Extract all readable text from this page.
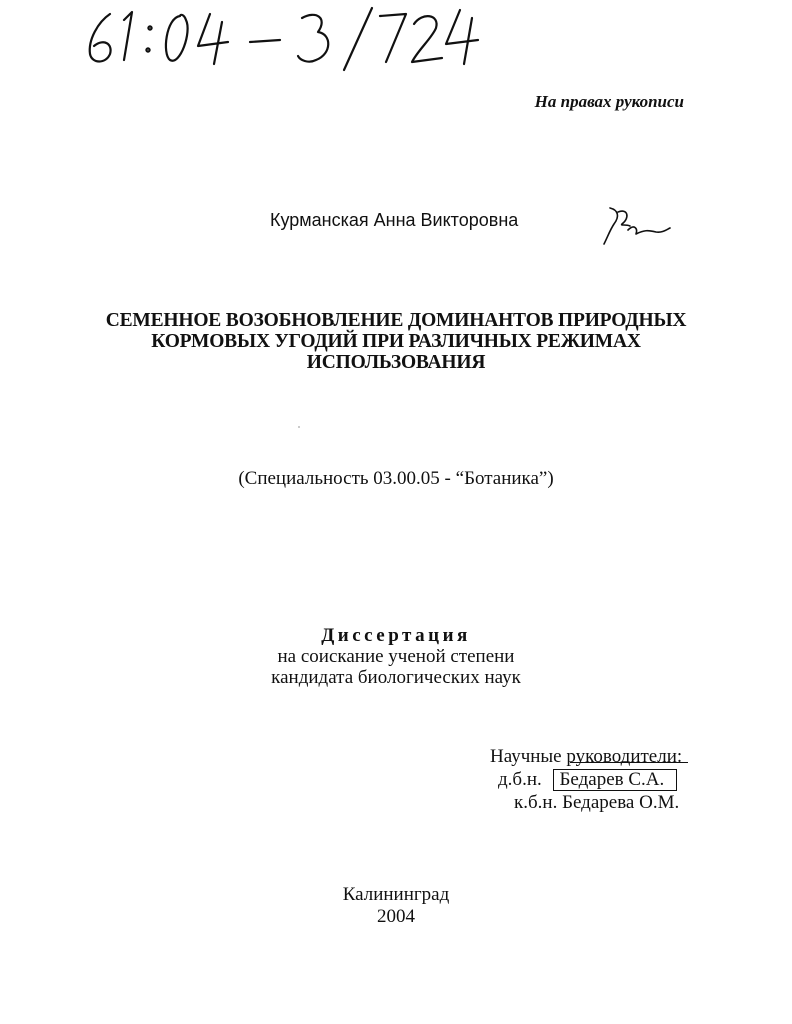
На правах рукописи
Курманская Анна Викторовна
СЕМЕННОЕ ВОЗОБНОВЛЕНИЕ ДОМИНАНТОВ ПРИРОДНЫХ
КОРМОВЫХ УГОДИЙ ПРИ РАЗЛИЧНЫХ РЕЖИМАХ
ИСПОЛЬЗОВАНИЯ
(Специальность 03.00.05 - “Ботаника”)
Диссертация
на соискание ученой степени
кандидата биологических наук
Научные руководители:
д.б.н. Бедарев С.А.
к.б.н. Бедарева О.М.
Калининград
2004
